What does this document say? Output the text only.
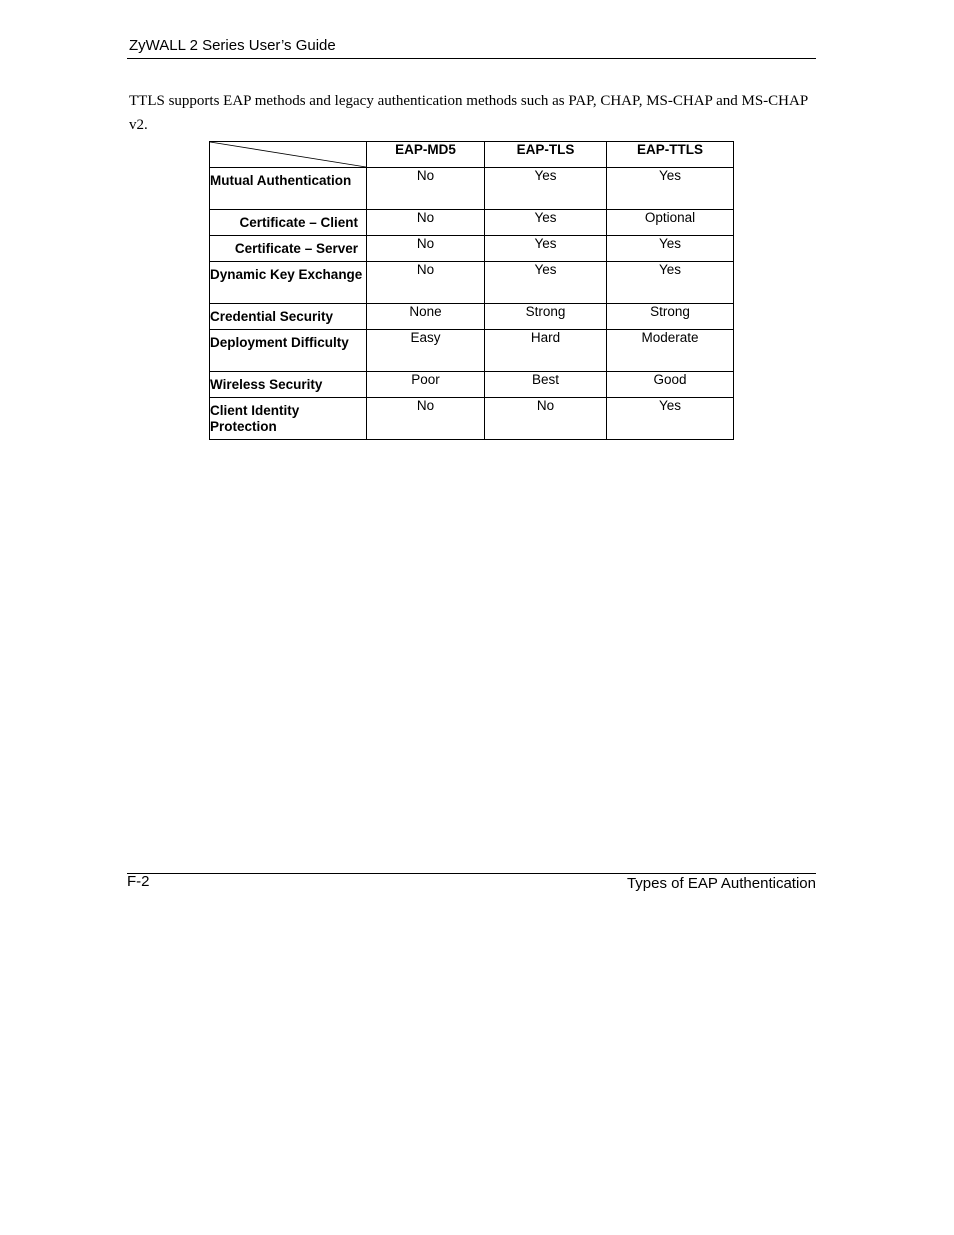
ZyWALL 2 Series User’s Guide
TTLS supports EAP methods and legacy authentication methods such as PAP, CHAP, MS-CHAP and MS-CHAP v2.
	EAP-MD5	EAP-TLS	EAP-TTLS
Mutual Authentication	No	Yes	Yes
Certificate – Client	No	Yes	Optional
Certificate – Server	No	Yes	Yes
Dynamic Key Exchange	No	Yes	Yes
Credential Security	None	Strong	Strong
Deployment Difficulty	Easy	Hard	Moderate
Wireless Security	Poor	Best	Good
Client Identity Protection	No	No	Yes
F-2	Types of EAP Authentication
